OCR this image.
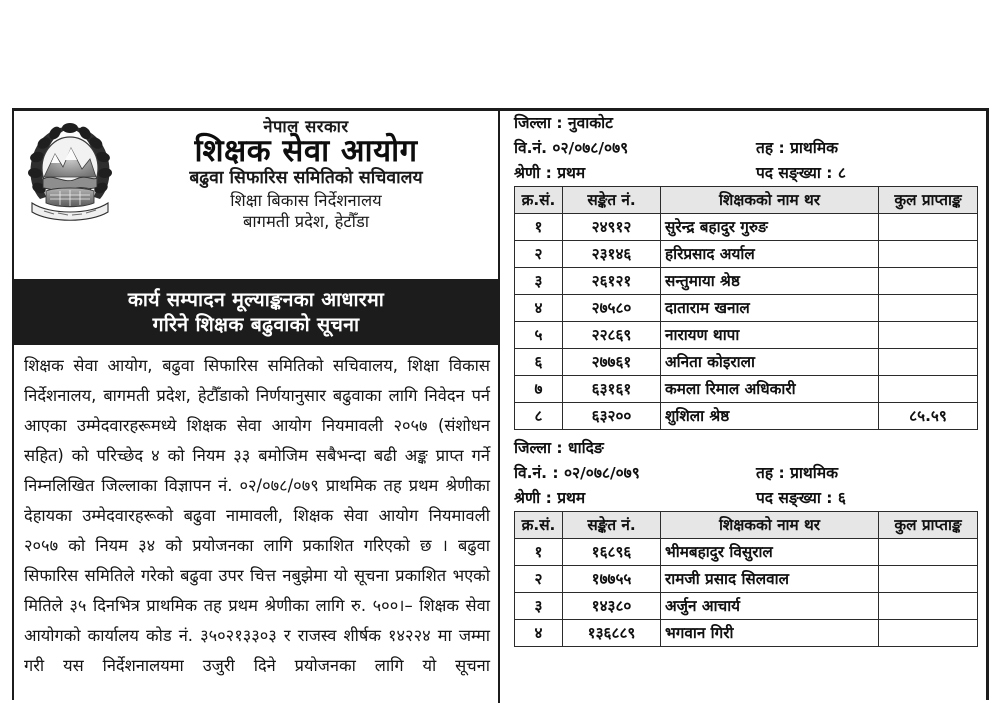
नेपाल सरकार
शिक्षक सेवा आयोग
बढुवा सिफारिस समितिको सचिवालय
शिक्षा बिकास निर्देशनालय
बागमती प्रदेश, हेटौँडा
कार्य सम्पादन मूल्याङ्कनका आधारमा
गरिने शिक्षक बढुवाको सूचना
शिक्षक सेवा आयोग, बढुवा सिफारिस समितिको सचिवालय, शिक्षा विकास निर्देशनालय, बागमती प्रदेश, हेटौँडाको निर्णयानुसार बढुवाका लागि निवेदन पर्न आएका उम्मेदवारहरूमध्ये शिक्षक सेवा आयोग नियमावली २०५७ (संशोधन सहित) को परिच्छेद ४ को नियम ३३ बमोजिम सबैभन्दा बढी अङ्क प्राप्त गर्ने निम्नलिखित जिल्लाका विज्ञापन नं. ०२/०७८/०७९ प्राथमिक तह प्रथम श्रेणीका देहायका उम्मेदवारहरूको बढुवा नामावली, शिक्षक सेवा आयोग नियमावली २०५७ को नियम ३४ को प्रयोजनका लागि प्रकाशित गरिएको छ । बढुवा सिफारिस समितिले गरेको बढुवा उपर चित्त नबुझेमा यो सूचना प्रकाशित भएको मितिले ३५ दिनभित्र प्राथमिक तह प्रथम श्रेणीका लागि रु. ५००।– शिक्षक सेवा आयोगको कार्यालय कोड नं. ३५०२१३३०३ र राजस्व शीर्षक १४२२४ मा जम्मा गरी यस निर्देशनालयमा उजुरी दिने प्रयोजनका लागि यो सूचना
जिल्ला : नुवाकोट
वि.नं. ०२/०७८/०७९	तह : प्राथमिक
श्रेणी : प्रथम	पद सङ्ख्या : ८
क्र.सं.	सङ्केत नं.	शिक्षकको नाम थर	कुल प्राप्ताङ्क
१	२४९१२	सुरेन्द्र बहादुर गुरुङ	
२	२३१४६	हरिप्रसाद अर्याल	
३	२६१२१	सन्तुमाया श्रेष्ठ	
४	२७५८०	दाताराम खनाल	
५	२२८६९	नारायण थापा	
६	२७७६१	अनिता कोइराला	
७	६३१६१	कमला रिमाल अधिकारी	
८	६३२००	शुशिला श्रेष्ठ	८५.५९
जिल्ला : धादिङ
वि.नं. : ०२/०७८/०७९	तह : प्राथमिक
श्रेणी : प्रथम	पद सङ्ख्या : ६
क्र.सं.	सङ्केत नं.	शिक्षकको नाम थर	कुल प्राप्ताङ्क
१	१६८९६	भीमबहादुर विसुराल	
२	१७७५५	रामजी प्रसाद सिलवाल	
३	१४३८०	अर्जुन आचार्य	
४	१३६८८९	भगवान गिरी	
